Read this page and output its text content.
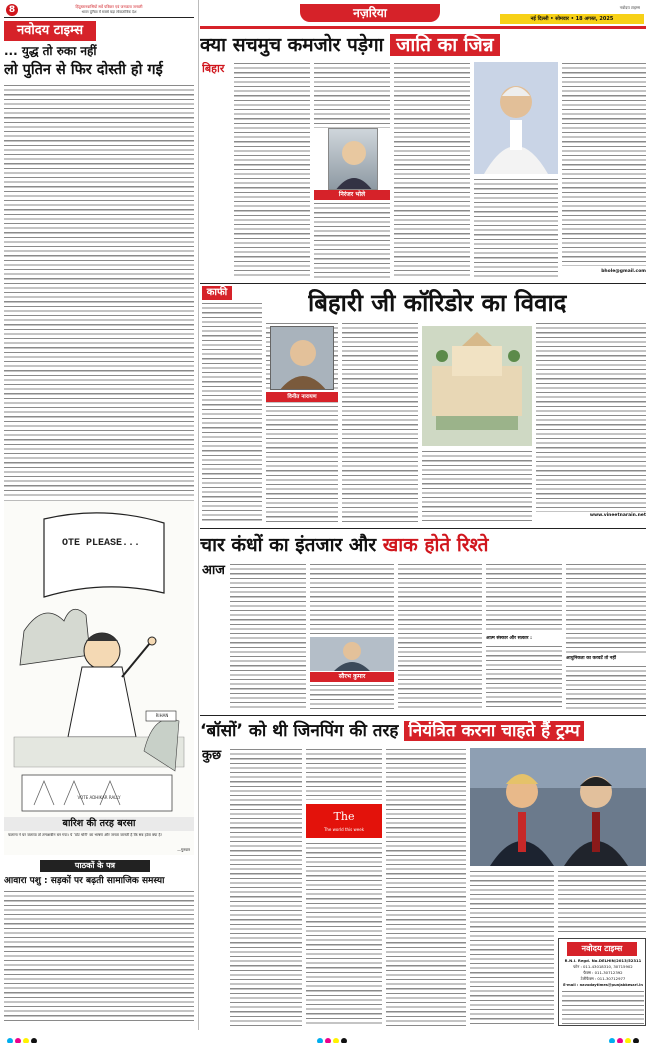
8	हिंदुस्तानवासियों सर्वे पत्रिकर एवं जनवाता जनवरी
भारत दुनिया में सबसे बड़ा लोकतांत्रिक देश
नवोदय टाइम्स
... युद्ध तो रुका नहीं
लो पुतिन से फिर दोस्ती हो गई
OTE PLEASE...
VOTE ADHIKAR RALLY
RIHAN
बारिश की तरह बरसा
फलाना ने घर जलाया तो तमाशबीन बन गया। ये ‘वोट चोरी’ का भाषण और जनता जानती है कि सब होता क्या है!
—गुरुवार
पाठकों के पत्र
आवारा पशु : सड़कों पर बढ़ती सामाजिक समस्या
नज़रिया	नवोदय टाइम्स
नई दिल्ली • सोमवार • 18 अगस्त, 2025
क्या सचमुच कमजोर पड़ेगा जाति का जिन्न
बिहार
निरंजर भोले
bhole@gmail.com
काफी	बिहारी जी कॉरिडोर का विवाद
विनीत नारायण
www.vineetnarain.net
चार कंधों का इंतजार और खाक होते रिश्ते
आज
सौरभ कुमार
आत्म संस्कार और सत्कार :
आधुनिकता का करवटें तो नहीं
‘बॉसों’ को थी जिनपिंग की तरह नियंत्रित करना चाहते हैं ट्रम्प
कुछ
The
The world this week
नवोदय टाइम्स
R.N.I. Regd. No.DELHIN/2013/52311
फोन : 011-43018310, 30715902
फैक्स : 011-30712392
टेलीफैक्स : 011-30712977
E-mail : navodaytimes@punjabkesari.in
